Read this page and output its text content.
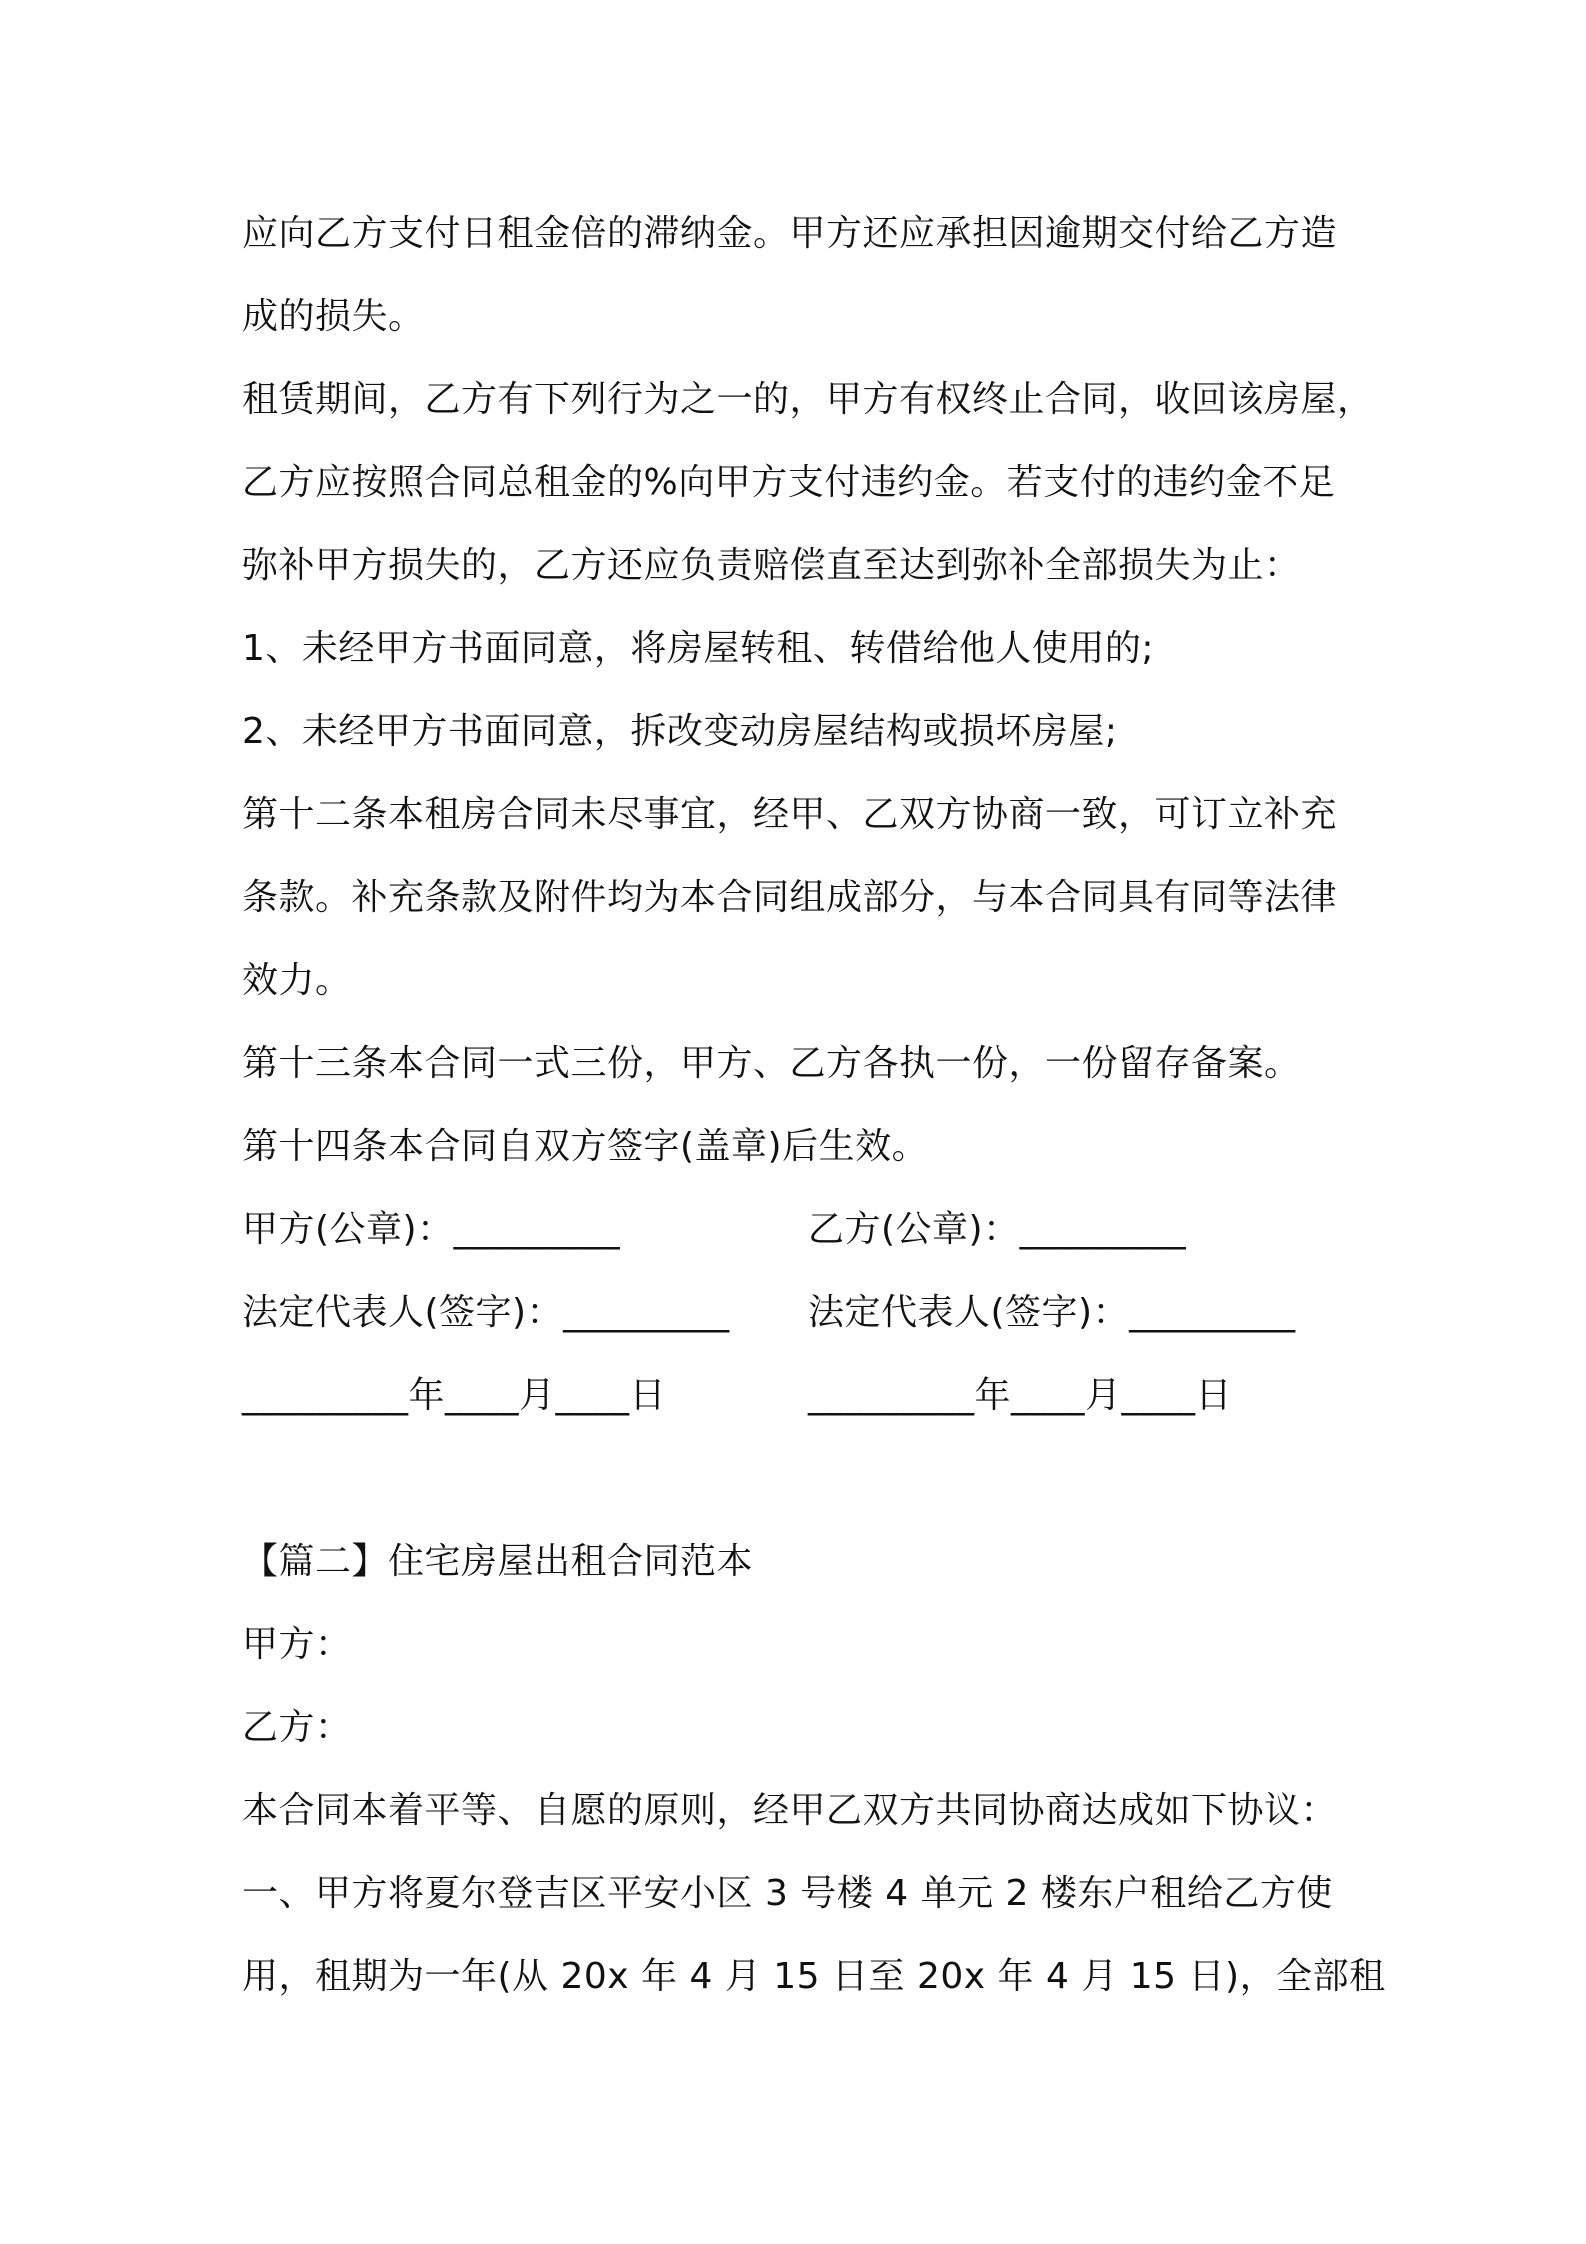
应向乙方支付日租金倍的滞纳金。甲方还应承担因逾期交付给乙方造
成的损失。
租赁期间，乙方有下列行为之一的，甲方有权终止合同，收回该房屋，
乙方应按照合同总租金的%向甲方支付违约金。若支付的违约金不足
弥补甲方损失的，乙方还应负责赔偿直至达到弥补全部损失为止：
1、未经甲方书面同意，将房屋转租、转借给他人使用的;
2、未经甲方书面同意，拆改变动房屋结构或损坏房屋;
第十二条本租房合同未尽事宜，经甲、乙双方协商一致，可订立补充
条款。补充条款及附件均为本合同组成部分，与本合同具有同等法律
效力。
第十三条本合同一式三份，甲方、乙方各执一份，一份留存备案。
第十四条本合同自双方签字(盖章)后生效。
甲方(公章)：_________	乙方(公章)：_________
法定代表人(签字)：_________	法定代表人(签字)：_________
_________年____月____日	_________年____月____日
【篇二】住宅房屋出租合同范本
甲方：
乙方：
本合同本着平等、自愿的原则，经甲乙双方共同协商达成如下协议：
一、甲方将夏尔登吉区平安小区 3 号楼 4 单元 2 楼东户租给乙方使
用，租期为一年(从 20x 年 4 月 15 日至 20x 年 4 月 15 日)，全部租
